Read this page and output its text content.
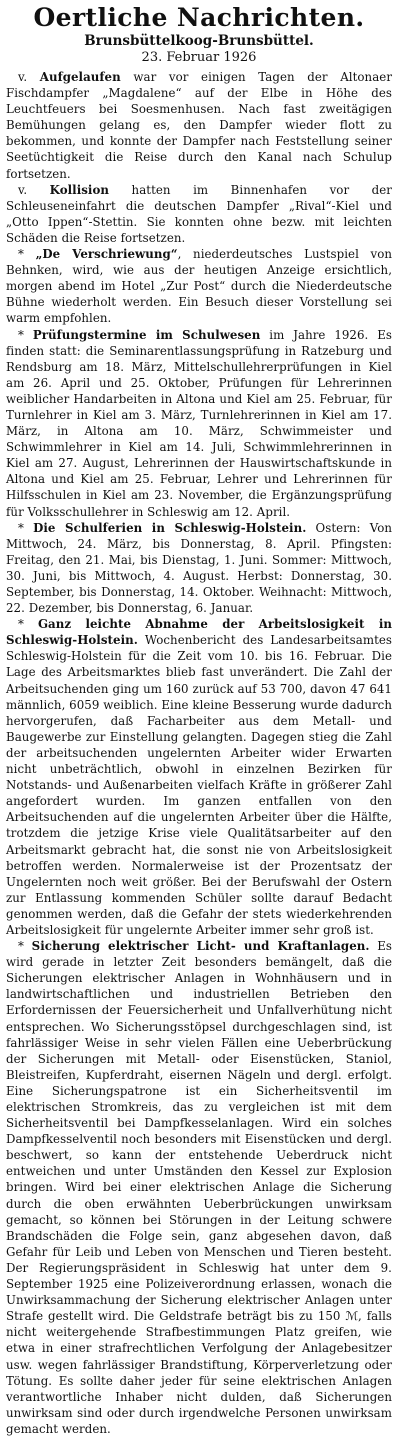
Oertliche Nachrichten.
Brunsbüttelkoog-Brunsbüttel.
23. Februar 1926

v. Aufgelaufen war vor einigen Tagen der Altonaer Fischdampfer „Magdalene“ auf der Elbe in Höhe des Leuchtfeuers bei Soesmenhusen. Nach fast zweitägigen Bemühungen gelang es, den Dampfer wieder flott zu bekommen, und konnte der Dampfer nach Feststellung seiner Seetüchtigkeit die Reise durch den Kanal nach Schulup fortsetzen.

v. Kollision hatten im Binnenhafen vor der Schleuseneinfahrt die deutschen Dampfer „Rival“-Kiel und „Otto Ippen“-Stettin. Sie konnten ohne bezw. mit leichten Schäden die Reise fortsetzen.

* „De Verschriewung“, niederdeutsches Lustspiel von Behnken, wird, wie aus der heutigen Anzeige ersichtlich, morgen abend im Hotel „Zur Post“ durch die Niederdeutsche Bühne wiederholt werden. Ein Besuch dieser Vorstellung sei warm empfohlen.

* Prüfungstermine im Schulwesen im Jahre 1926. Es finden statt: die Seminarentlassungsprüfung in Ratzeburg und Rendsburg am 18. März, Mittelschullehrerprüfungen in Kiel am 26. April und 25. Oktober, Prüfungen für Lehrerinnen weiblicher Handarbeiten in Altona und Kiel am 25. Februar, für Turnlehrer in Kiel am 3. März, Turnlehrerinnen in Kiel am 17. März, in Altona am 10. März, Schwimmeister und Schwimmlehrer in Kiel am 14. Juli, Schwimmlehrerinnen in Kiel am 27. August, Lehrerinnen der Hauswirtschaftskunde in Altona und Kiel am 25. Februar, Lehrer und Lehrerinnen für Hilfsschulen in Kiel am 23. November, die Ergänzungsprüfung für Volksschullehrer in Schleswig am 12. April.

* Die Schulferien in Schleswig-Holstein. Ostern: Von Mittwoch, 24. März, bis Donnerstag, 8. April. Pfingsten: Freitag, den 21. Mai, bis Dienstag, 1. Juni. Sommer: Mittwoch, 30. Juni, bis Mittwoch, 4. August. Herbst: Donnerstag, 30. September, bis Donnerstag, 14. Oktober. Weihnacht: Mittwoch, 22. Dezember, bis Donnerstag, 6. Januar.

* Ganz leichte Abnahme der Arbeitslosigkeit in Schleswig-Holstein. Wochenbericht des Landesarbeitsamtes Schleswig-Holstein für die Zeit vom 10. bis 16. Februar. Die Lage des Arbeitsmarktes blieb fast unverändert. Die Zahl der Arbeitsuchenden ging um 160 zurück auf 53 700, davon 47 641 männlich, 6059 weiblich. Eine kleine Besserung wurde dadurch hervorgerufen, daß Facharbeiter aus dem Metall- und Baugewerbe zur Einstellung gelangten. Dagegen stieg die Zahl der arbeitsuchenden ungelernten Arbeiter wider Erwarten nicht unbeträchtlich, obwohl in einzelnen Bezirken für Notstands- und Außenarbeiten vielfach Kräfte in größerer Zahl angefordert wurden. Im ganzen entfallen von den Arbeitsuchenden auf die ungelernten Arbeiter über die Hälfte, trotzdem die jetzige Krise viele Qualitätsarbeiter auf den Arbeitsmarkt gebracht hat, die sonst nie von Arbeitslosigkeit betroffen werden. Normalerweise ist der Prozentsatz der Ungelernten noch weit größer. Bei der Berufswahl der Ostern zur Entlassung kommenden Schüler sollte darauf Bedacht genommen werden, daß die Gefahr der stets wiederkehrenden Arbeitslosigkeit für ungelernte Arbeiter immer sehr groß ist.

* Sicherung elektrischer Licht- und Kraftanlagen. Es wird gerade in letzter Zeit besonders bemängelt, daß die Sicherungen elektrischer Anlagen in Wohnhäusern und in landwirtschaftlichen und industriellen Betrieben den Erfordernissen der Feuersicherheit und Unfallverhütung nicht entsprechen. Wo Sicherungsstöpsel durchgeschlagen sind, ist fahrlässiger Weise in sehr vielen Fällen eine Ueberbrückung der Sicherungen mit Metall- oder Eisenstücken, Staniol, Bleistreifen, Kupferdraht, eisernen Nägeln und dergl. erfolgt. Eine Sicherungspatrone ist ein Sicherheitsventil im elektrischen Stromkreis, das zu vergleichen ist mit dem Sicherheitsventil bei Dampfkesselanlagen. Wird ein solches Dampfkesselventil noch besonders mit Eisenstücken und dergl. beschwert, so kann der entstehende Ueberdruck nicht entweichen und unter Umständen den Kessel zur Explosion bringen. Wird bei einer elektrischen Anlage die Sicherung durch die oben erwähnten Ueberbrückungen unwirksam gemacht, so können bei Störungen in der Leitung schwere Brandschäden die Folge sein, ganz abgesehen davon, daß Gefahr für Leib und Leben von Menschen und Tieren besteht. Der Regierungspräsident in Schleswig hat unter dem 9. September 1925 eine Polizeiverordnung erlassen, wonach die Unwirksammachung der Sicherung elektrischer Anlagen unter Strafe gestellt wird. Die Geldstrafe beträgt bis zu 150 ℳ, falls nicht weitergehende Strafbestimmungen Platz greifen, wie etwa in einer strafrechtlichen Verfolgung der Anlagebesitzer usw. wegen fahrlässiger Brandstiftung, Körperverletzung oder Tötung. Es sollte daher jeder für seine elektrischen Anlagen verantwortliche Inhaber nicht dulden, daß Sicherungen unwirksam sind oder durch irgendwelche Personen unwirksam gemacht werden.
